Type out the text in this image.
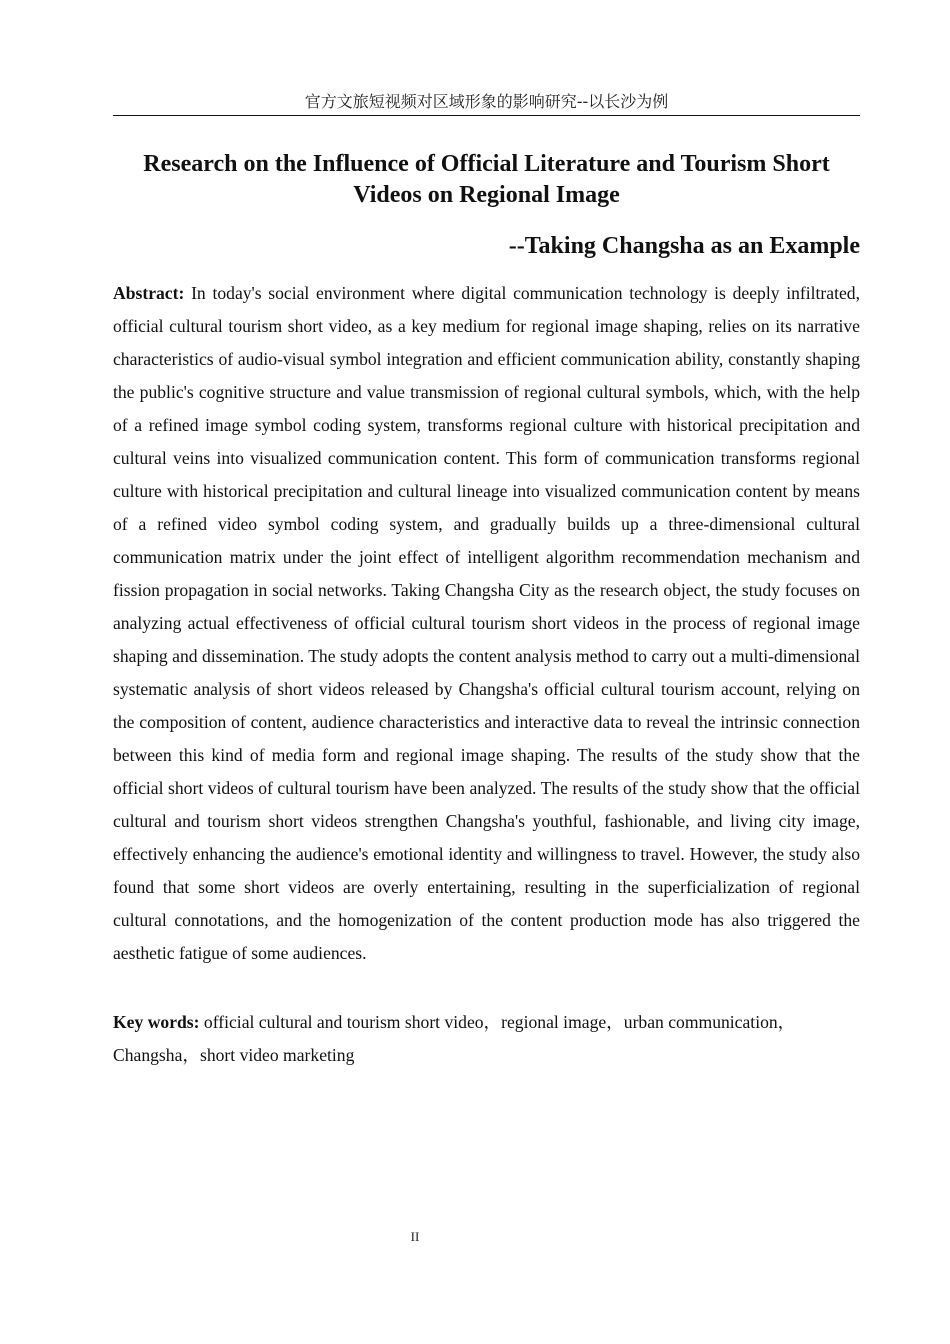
官方文旅短视频对区域形象的影响研究--以长沙为例
Research on the Influence of Official Literature and Tourism Short Videos on Regional Image
--Taking Changsha as an Example

Abstract: In today's social environment where digital communication technology is deeply infiltrated, official cultural tourism short video, as a key medium for regional image shaping, relies on its narrative characteristics of audio-visual symbol integration and efficient communication ability, constantly shaping the public's cognitive structure and value transmission of regional cultural symbols, which, with the help of a refined image symbol coding system, transforms regional culture with historical precipitation and cultural veins into visualized communication content. This form of communication transforms regional culture with historical precipitation and cultural lineage into visualized communication content by means of a refined video symbol coding system, and gradually builds up a three-dimensional cultural communication matrix under the joint effect of intelligent algorithm recommendation mechanism and fission propagation in social networks. Taking Changsha City as the research object, the study focuses on analyzing actual effectiveness of official cultural tourism short videos in the process of regional image shaping and dissemination. The study adopts the content analysis method to carry out a multi-dimensional systematic analysis of short videos released by Changsha's official cultural tourism account, relying on the composition of content, audience characteristics and interactive data to reveal the intrinsic connection between this kind of media form and regional image shaping. The results of the study show that the official short videos of cultural tourism have been analyzed. The results of the study show that the official cultural and tourism short videos strengthen Changsha's youthful, fashionable, and living city image, effectively enhancing the audience's emotional identity and willingness to travel. However, the study also found that some short videos are overly entertaining, resulting in the superficialization of regional cultural connotations, and the homogenization of the content production mode has also triggered the aesthetic fatigue of some audiences.

Key words: official cultural and tourism short video，regional image，urban communication，Changsha，short video marketing

II
